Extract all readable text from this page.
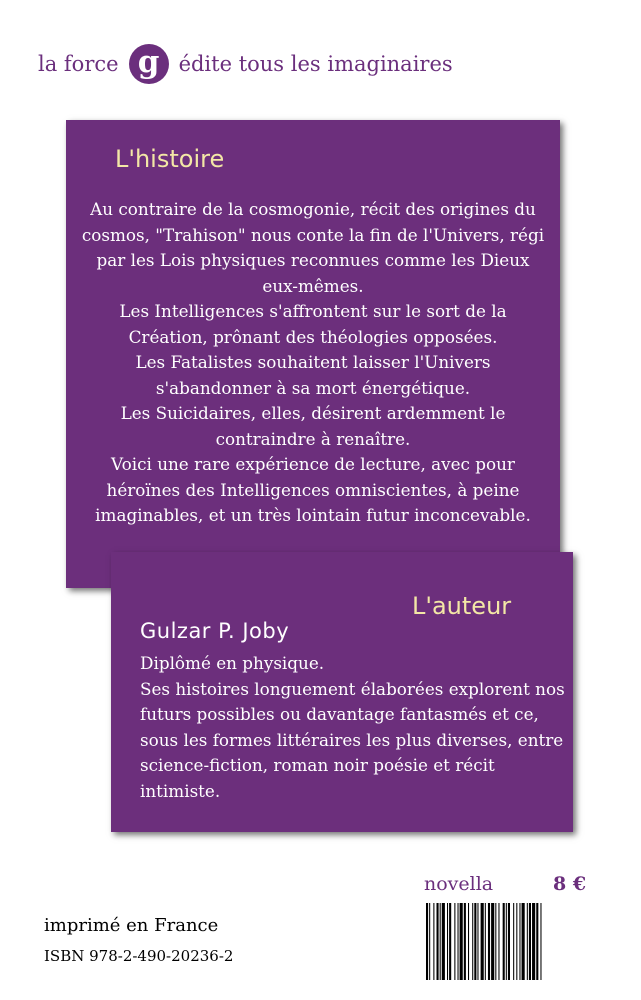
la force g édite tous les imaginaires
L'histoire

Au contraire de la cosmogonie, récit des origines du cosmos, "Trahison" nous conte la fin de l'Univers, régi par les Lois physiques reconnues comme les Dieux eux-mêmes.

Les Intelligences s'affrontent sur le sort de la Création, prônant des théologies opposées.

Les Fatalistes souhaitent laisser l'Univers s'abandonner à sa mort énergétique.

Les Suicidaires, elles, désirent ardemment le contraindre à renaître.

Voici une rare expérience de lecture, avec pour héroïnes des Intelligences omniscientes, à peine imaginables, et un très lointain futur inconcevable.

L'auteur
Gulzar P. Joby

Diplômé en physique.

Ses histoires longuement élaborées explorent nos futurs possibles ou davantage fantasmés et ce, sous les formes littéraires les plus diverses, entre science-fiction, roman noir poésie et récit intimiste.

imprimé en France
ISBN 978-2-490-20236-2
novella	8 €
